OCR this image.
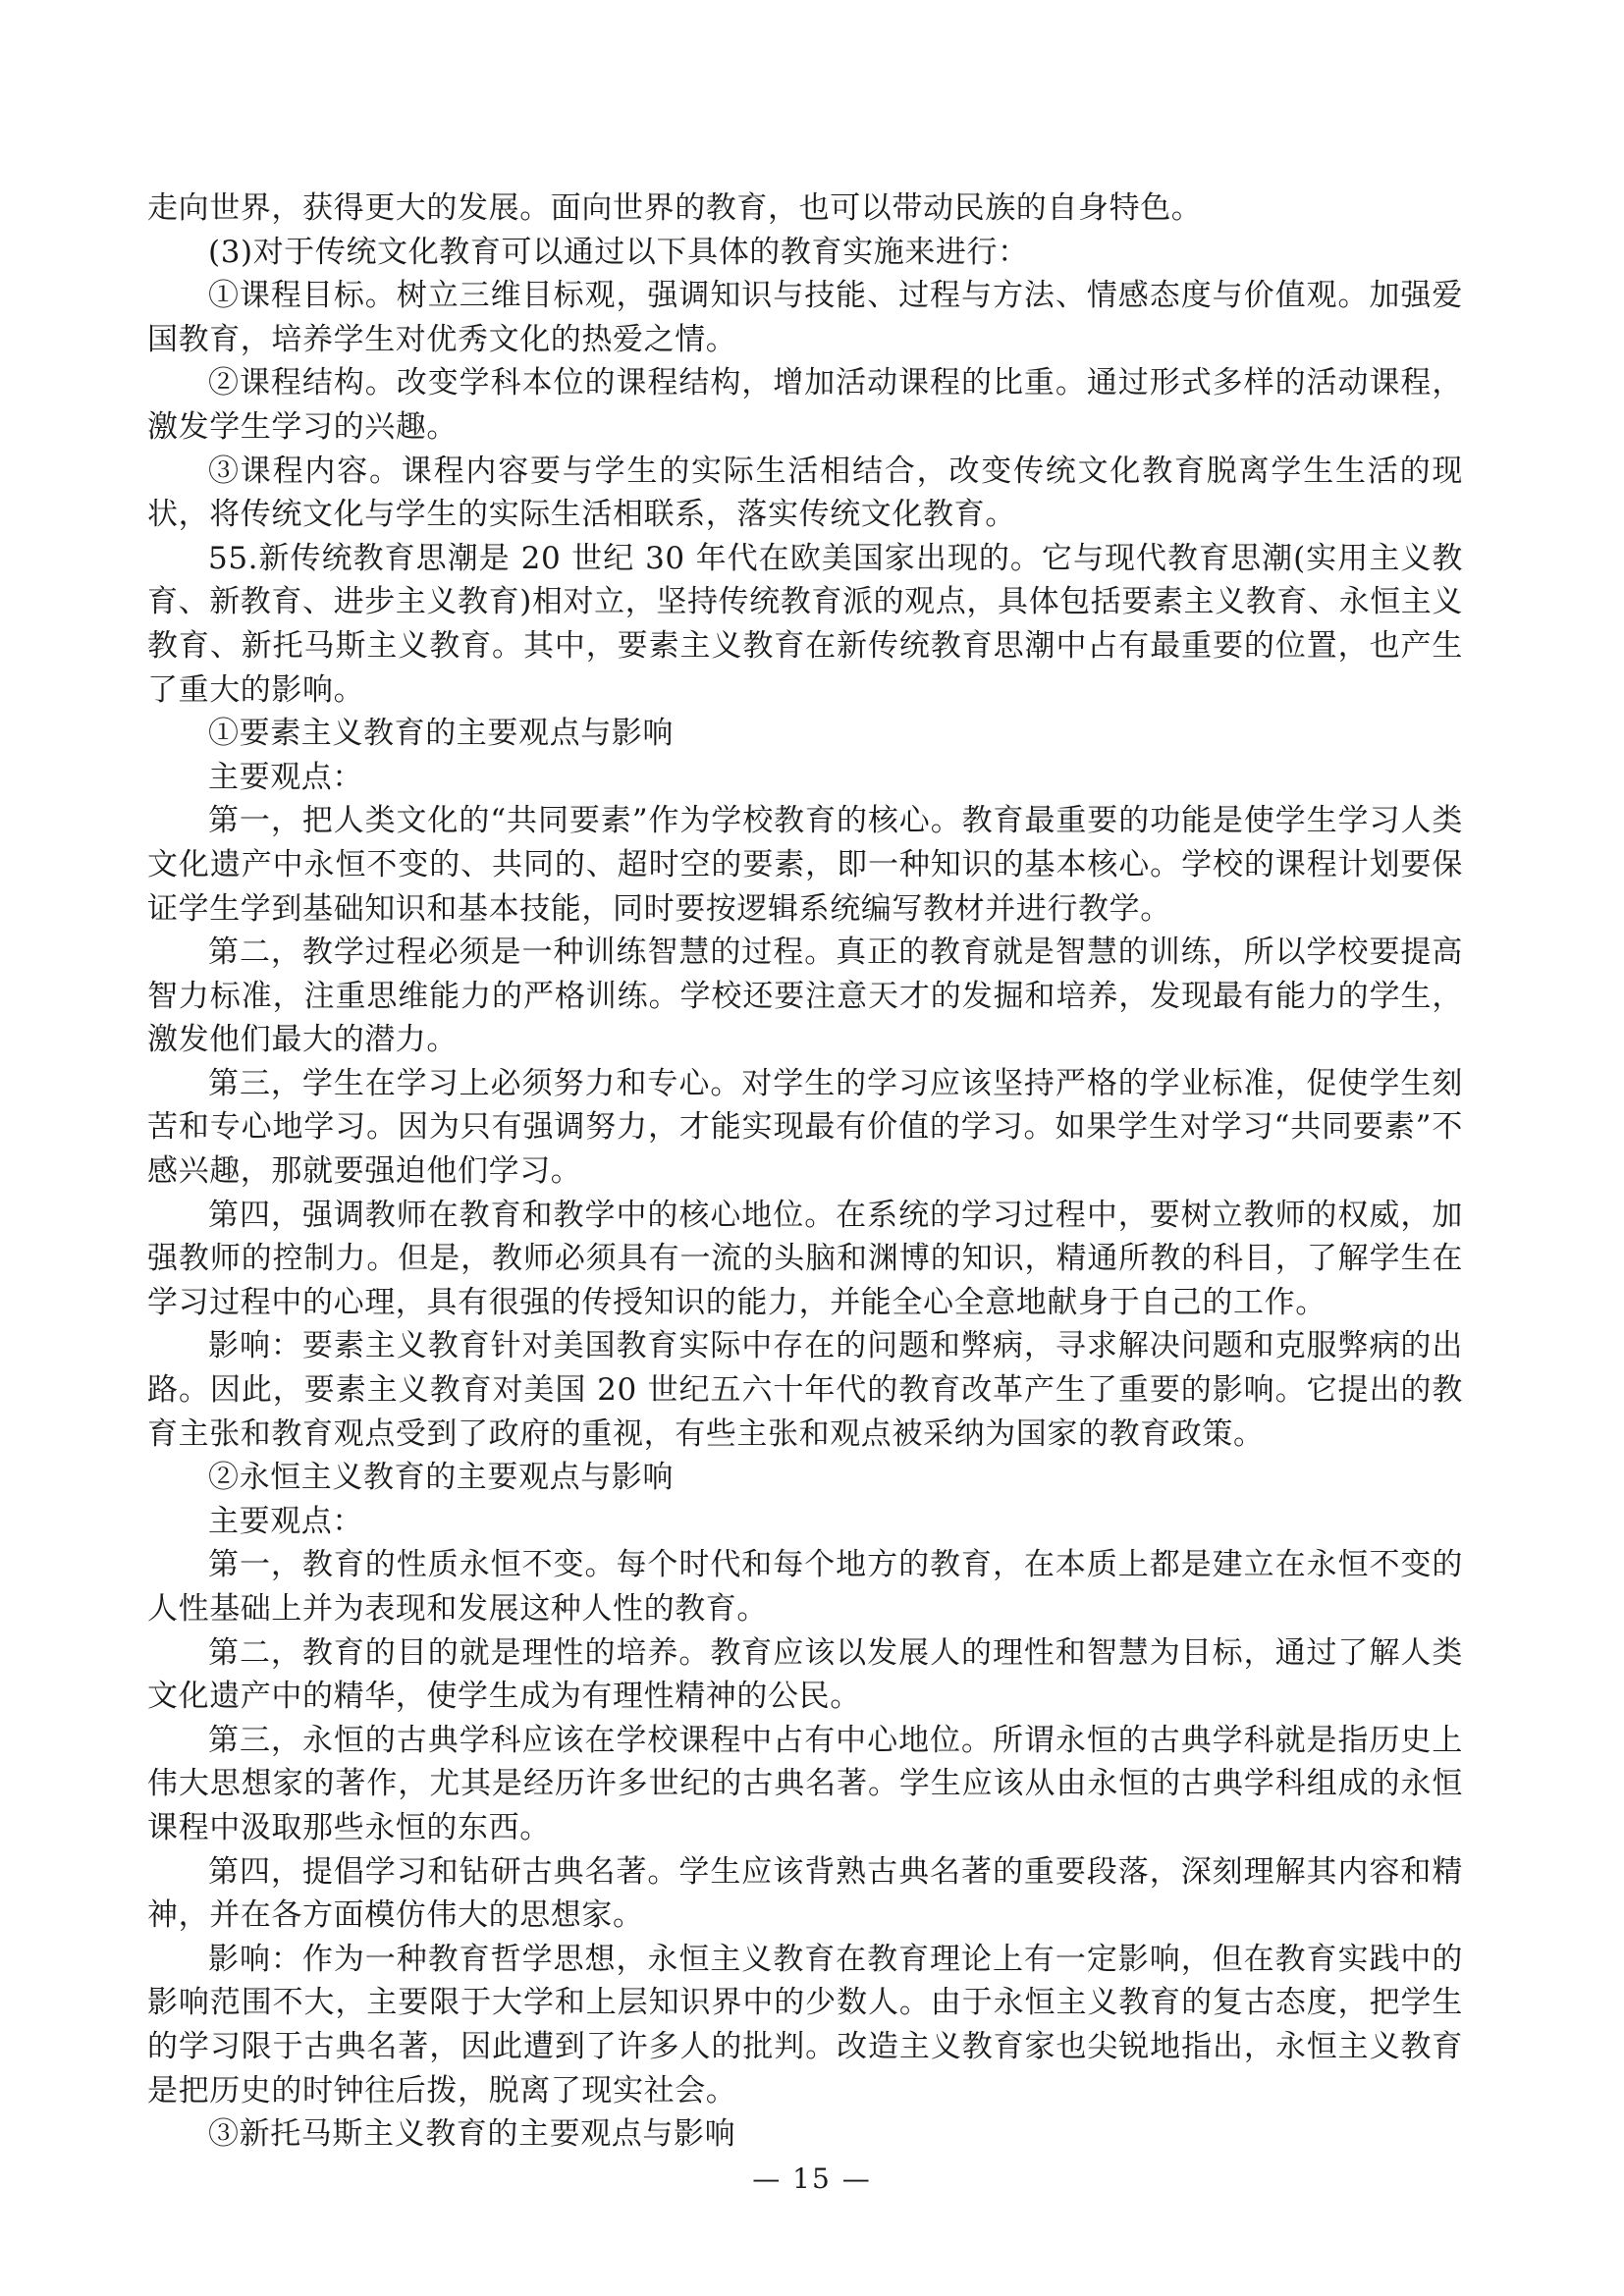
走向世界，获得更大的发展。面向世界的教育，也可以带动民族的自身特色。

(3)对于传统文化教育可以通过以下具体的教育实施来进行：

①课程目标。树立三维目标观，强调知识与技能、过程与方法、情感态度与价值观。加强爱国教育，培养学生对优秀文化的热爱之情。

②课程结构。改变学科本位的课程结构，增加活动课程的比重。通过形式多样的活动课程，激发学生学习的兴趣。

③课程内容。课程内容要与学生的实际生活相结合，改变传统文化教育脱离学生生活的现状，将传统文化与学生的实际生活相联系，落实传统文化教育。

55.新传统教育思潮是 20 世纪 30 年代在欧美国家出现的。它与现代教育思潮(实用主义教育、新教育、进步主义教育)相对立，坚持传统教育派的观点，具体包括要素主义教育、永恒主义教育、新托马斯主义教育。其中，要素主义教育在新传统教育思潮中占有最重要的位置，也产生了重大的影响。

①要素主义教育的主要观点与影响

主要观点：

第一，把人类文化的“共同要素”作为学校教育的核心。教育最重要的功能是使学生学习人类文化遗产中永恒不变的、共同的、超时空的要素，即一种知识的基本核心。学校的课程计划要保证学生学到基础知识和基本技能，同时要按逻辑系统编写教材并进行教学。

第二，教学过程必须是一种训练智慧的过程。真正的教育就是智慧的训练，所以学校要提高智力标准，注重思维能力的严格训练。学校还要注意天才的发掘和培养，发现最有能力的学生，激发他们最大的潜力。

第三，学生在学习上必须努力和专心。对学生的学习应该坚持严格的学业标准，促使学生刻苦和专心地学习。因为只有强调努力，才能实现最有价值的学习。如果学生对学习“共同要素”不感兴趣，那就要强迫他们学习。

第四，强调教师在教育和教学中的核心地位。在系统的学习过程中，要树立教师的权威，加强教师的控制力。但是，教师必须具有一流的头脑和渊博的知识，精通所教的科目，了解学生在学习过程中的心理，具有很强的传授知识的能力，并能全心全意地献身于自己的工作。

影响：要素主义教育针对美国教育实际中存在的问题和弊病，寻求解决问题和克服弊病的出路。因此，要素主义教育对美国 20 世纪五六十年代的教育改革产生了重要的影响。它提出的教育主张和教育观点受到了政府的重视，有些主张和观点被采纳为国家的教育政策。

②永恒主义教育的主要观点与影响

主要观点：

第一，教育的性质永恒不变。每个时代和每个地方的教育，在本质上都是建立在永恒不变的人性基础上并为表现和发展这种人性的教育。

第二，教育的目的就是理性的培养。教育应该以发展人的理性和智慧为目标，通过了解人类文化遗产中的精华，使学生成为有理性精神的公民。

第三，永恒的古典学科应该在学校课程中占有中心地位。所谓永恒的古典学科就是指历史上伟大思想家的著作，尤其是经历许多世纪的古典名著。学生应该从由永恒的古典学科组成的永恒课程中汲取那些永恒的东西。

第四，提倡学习和钻研古典名著。学生应该背熟古典名著的重要段落，深刻理解其内容和精神，并在各方面模仿伟大的思想家。

影响：作为一种教育哲学思想，永恒主义教育在教育理论上有一定影响，但在教育实践中的影响范围不大，主要限于大学和上层知识界中的少数人。由于永恒主义教育的复古态度，把学生的学习限于古典名著，因此遭到了许多人的批判。改造主义教育家也尖锐地指出，永恒主义教育是把历史的时钟往后拨，脱离了现实社会。

③新托马斯主义教育的主要观点与影响

— 15 —
